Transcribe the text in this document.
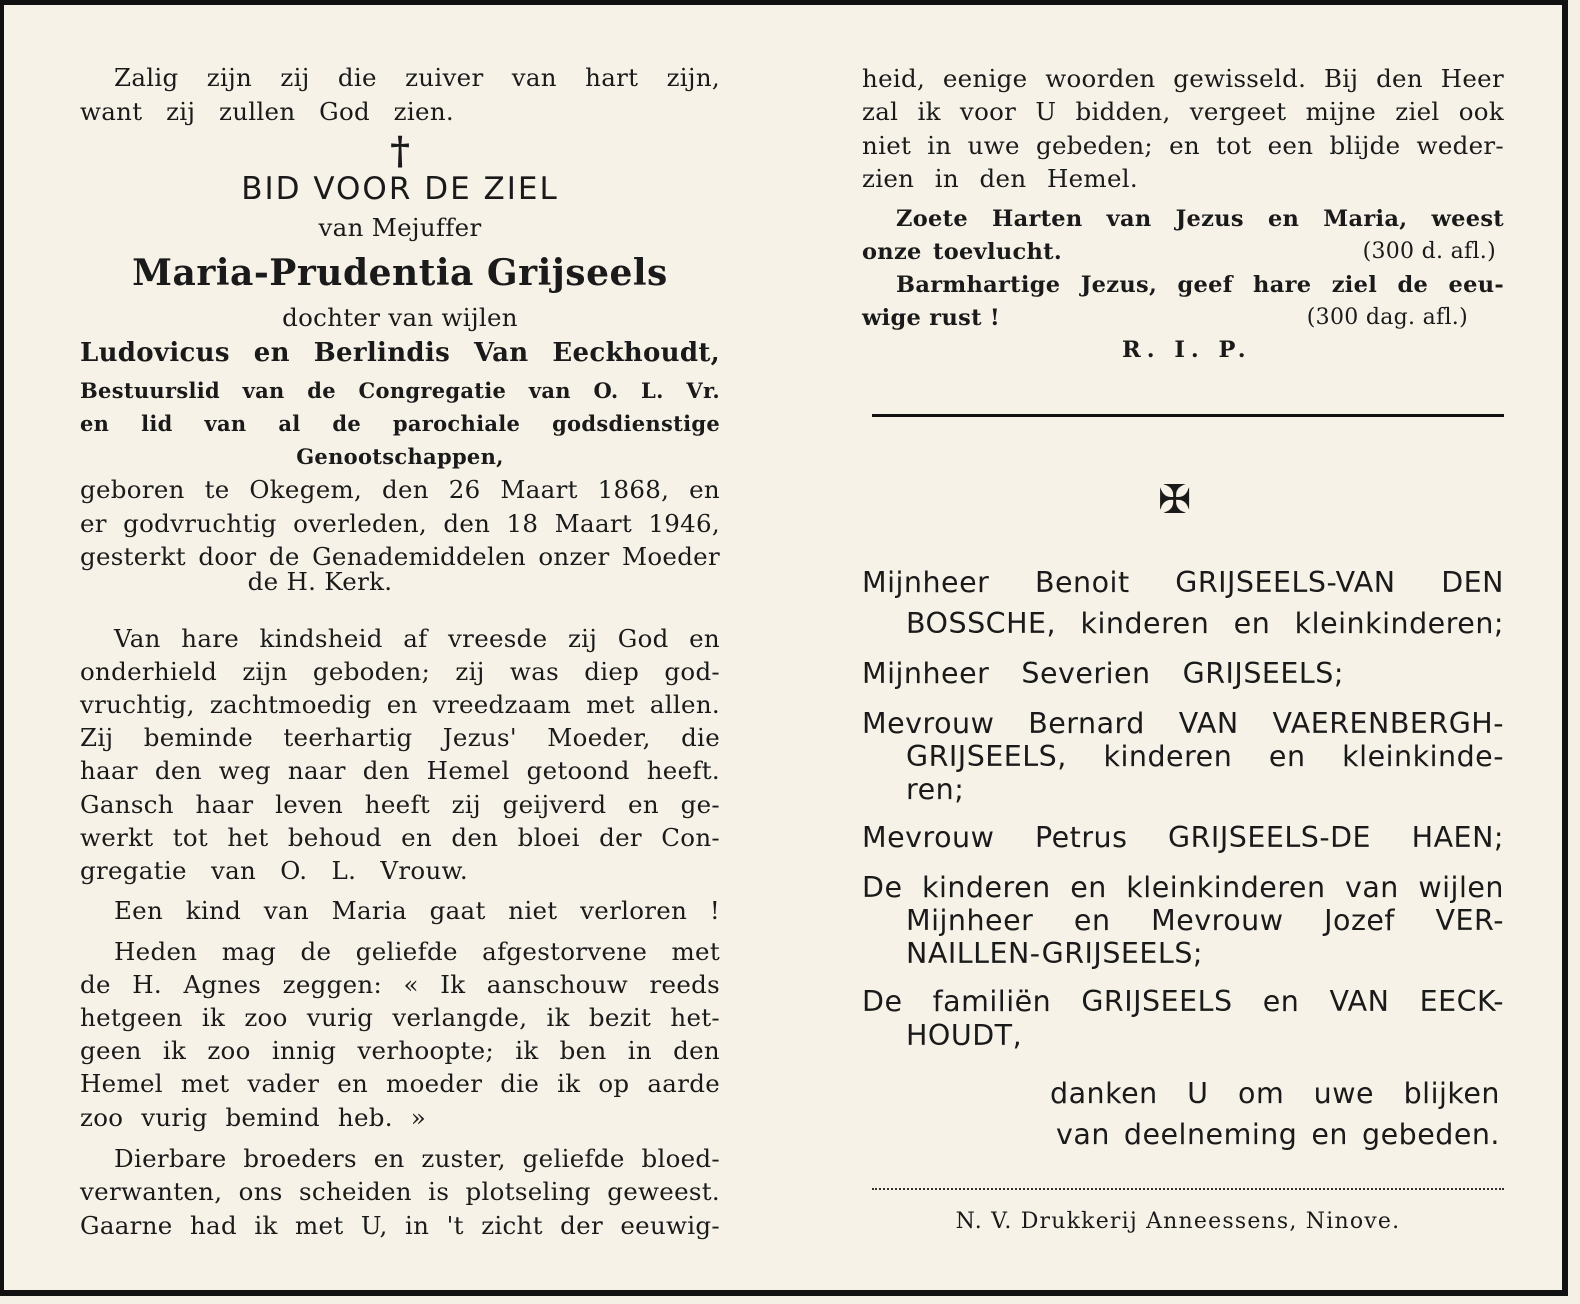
Zalig zijn zij die zuiver van hart zijn,
want zij zullen God zien.
†
BID VOOR DE ZIEL
van Mejuffer
Maria-Prudentia Grijseels
dochter van wijlen
Ludovicus en Berlindis Van Eeckhoudt,
Bestuurslid van de Congregatie van O. L. Vr.
en lid van al de parochiale godsdienstige
Genootschappen,
geboren te Okegem, den 26 Maart 1868, en
er godvruchtig overleden, den 18 Maart 1946,
gesterkt door de Genademiddelen onzer Moeder
de H. Kerk.
Van hare kindsheid af vreesde zij God en
onderhield zijn geboden; zij was diep god-
vruchtig, zachtmoedig en vreedzaam met allen.
Zij beminde teerhartig Jezus' Moeder, die
haar den weg naar den Hemel getoond heeft.
Gansch haar leven heeft zij geijverd en ge-
werkt tot het behoud en den bloei der Con-
gregatie van O. L. Vrouw.
Een kind van Maria gaat niet verloren !
Heden mag de geliefde afgestorvene met
de H. Agnes zeggen: « Ik aanschouw reeds
hetgeen ik zoo vurig verlangde, ik bezit het-
geen ik zoo innig verhoopte; ik ben in den
Hemel met vader en moeder die ik op aarde
zoo vurig bemind heb. »
Dierbare broeders en zuster, geliefde bloed-
verwanten, ons scheiden is plotseling geweest.
Gaarne had ik met U, in 't zicht der eeuwig-
heid, eenige woorden gewisseld. Bij den Heer
zal ik voor U bidden, vergeet mijne ziel ook
niet in uwe gebeden; en tot een blijde weder-
zien in den Hemel.
Zoete Harten van Jezus en Maria, weest
onze toevlucht.	(300 d. afl.)
Barmhartige Jezus, geef hare ziel de eeu-
wige rust !	(300 dag. afl.)
R. I. P.
✠
Mijnheer Benoit GRIJSEELS-VAN DEN
BOSSCHE, kinderen en kleinkinderen;
Mijnheer Severien GRIJSEELS;
Mevrouw Bernard VAN VAERENBERGH-
GRIJSEELS, kinderen en kleinkinde-
ren;
Mevrouw Petrus GRIJSEELS-DE HAEN;
De kinderen en kleinkinderen van wijlen
Mijnheer en Mevrouw Jozef VER-
NAILLEN-GRIJSEELS;
De familiën GRIJSEELS en VAN EECK-
HOUDT,
danken U om uwe blijken
van deelneming en gebeden.
N. V. Drukkerij Anneessens, Ninove.
